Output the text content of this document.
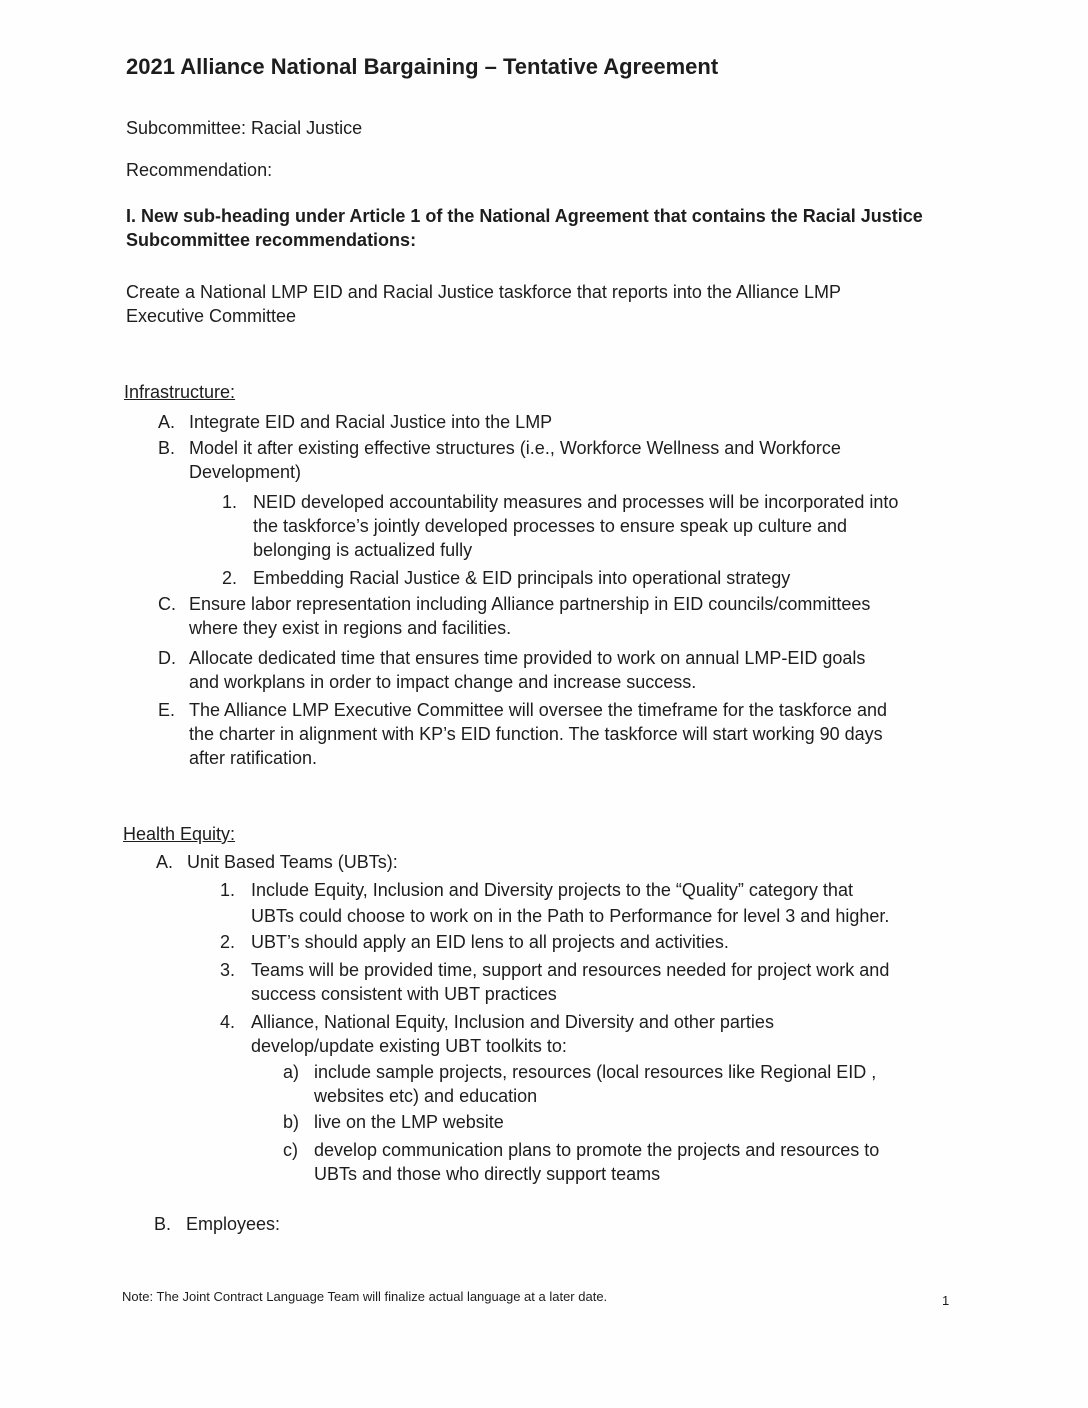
2021 Alliance National Bargaining – Tentative Agreement
Subcommittee: Racial Justice
Recommendation:
I. New sub-heading under Article 1 of the National Agreement that contains the Racial Justice
Subcommittee recommendations:
Create a National LMP EID and Racial Justice taskforce that reports into the Alliance LMP
Executive Committee
Infrastructure:
A. Integrate EID and Racial Justice into the LMP
B. Model it after existing effective structures (i.e., Workforce Wellness and Workforce
Development)
1. NEID developed accountability measures and processes will be incorporated into
the taskforce’s jointly developed processes to ensure speak up culture and
belonging is actualized fully
2. Embedding Racial Justice & EID principals into operational strategy
C. Ensure labor representation including Alliance partnership in EID councils/committees
where they exist in regions and facilities.
D. Allocate dedicated time that ensures time provided to work on annual LMP-EID goals
and workplans in order to impact change and increase success.
E. The Alliance LMP Executive Committee will oversee the timeframe for the taskforce and
the charter in alignment with KP’s EID function. The taskforce will start working 90 days
after ratification.
Health Equity:
A. Unit Based Teams (UBTs):
1. Include Equity, Inclusion and Diversity projects to the “Quality” category that
UBTs could choose to work on in the Path to Performance for level 3 and higher.
2. UBT’s should apply an EID lens to all projects and activities.
3. Teams will be provided time, support and resources needed for project work and
success consistent with UBT practices
4. Alliance, National Equity, Inclusion and Diversity and other parties
develop/update existing UBT toolkits to:
a) include sample projects, resources (local resources like Regional EID ,
websites etc) and education
b) live on the LMP website
c) develop communication plans to promote the projects and resources to
UBTs and those who directly support teams
B. Employees:
Note: The Joint Contract Language Team will finalize actual language at a later date.	1
